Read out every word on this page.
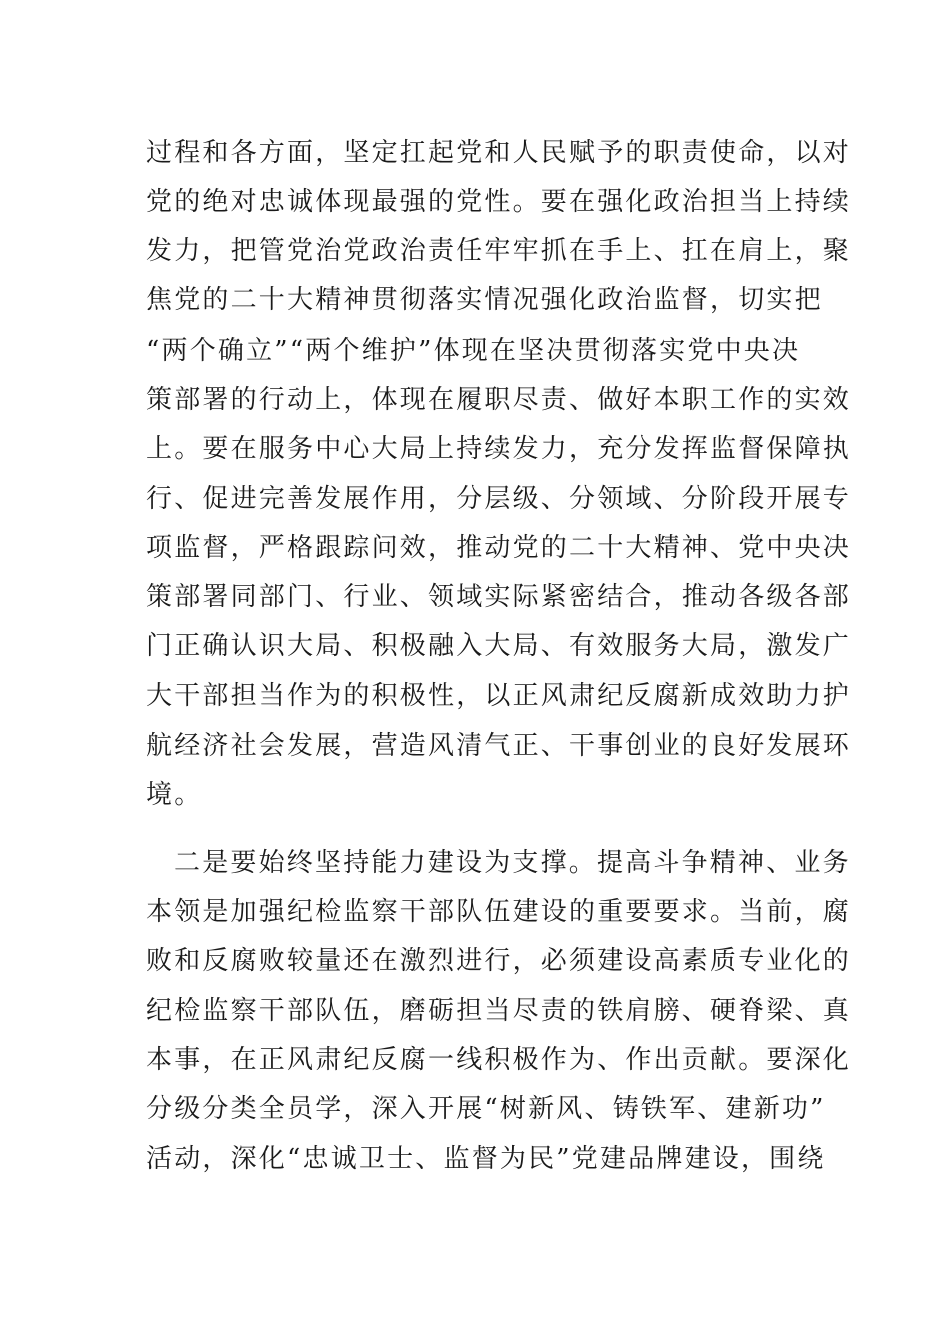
过程和各方面，坚定扛起党和人民赋予的职责使命，以对
党的绝对忠诚体现最强的党性。要在强化政治担当上持续
发力，把管党治党政治责任牢牢抓在手上、扛在肩上，聚
焦党的二十大精神贯彻落实情况强化政治监督，切实把
“两个确立”“两个维护”体现在坚决贯彻落实党中央决
策部署的行动上，体现在履职尽责、做好本职工作的实效
上。要在服务中心大局上持续发力，充分发挥监督保障执
行、促进完善发展作用，分层级、分领域、分阶段开展专
项监督，严格跟踪问效，推动党的二十大精神、党中央决
策部署同部门、行业、领域实际紧密结合，推动各级各部
门正确认识大局、积极融入大局、有效服务大局，激发广
大干部担当作为的积极性，以正风肃纪反腐新成效助力护
航经济社会发展，营造风清气正、干事创业的良好发展环
境。
二是要始终坚持能力建设为支撑。提高斗争精神、业务
本领是加强纪检监察干部队伍建设的重要要求。当前，腐
败和反腐败较量还在激烈进行，必须建设高素质专业化的
纪检监察干部队伍，磨砺担当尽责的铁肩膀、硬脊梁、真
本事，在正风肃纪反腐一线积极作为、作出贡献。要深化
分级分类全员学，深入开展“树新风、铸铁军、建新功”
活动，深化“忠诚卫士、监督为民”党建品牌建设，围绕
